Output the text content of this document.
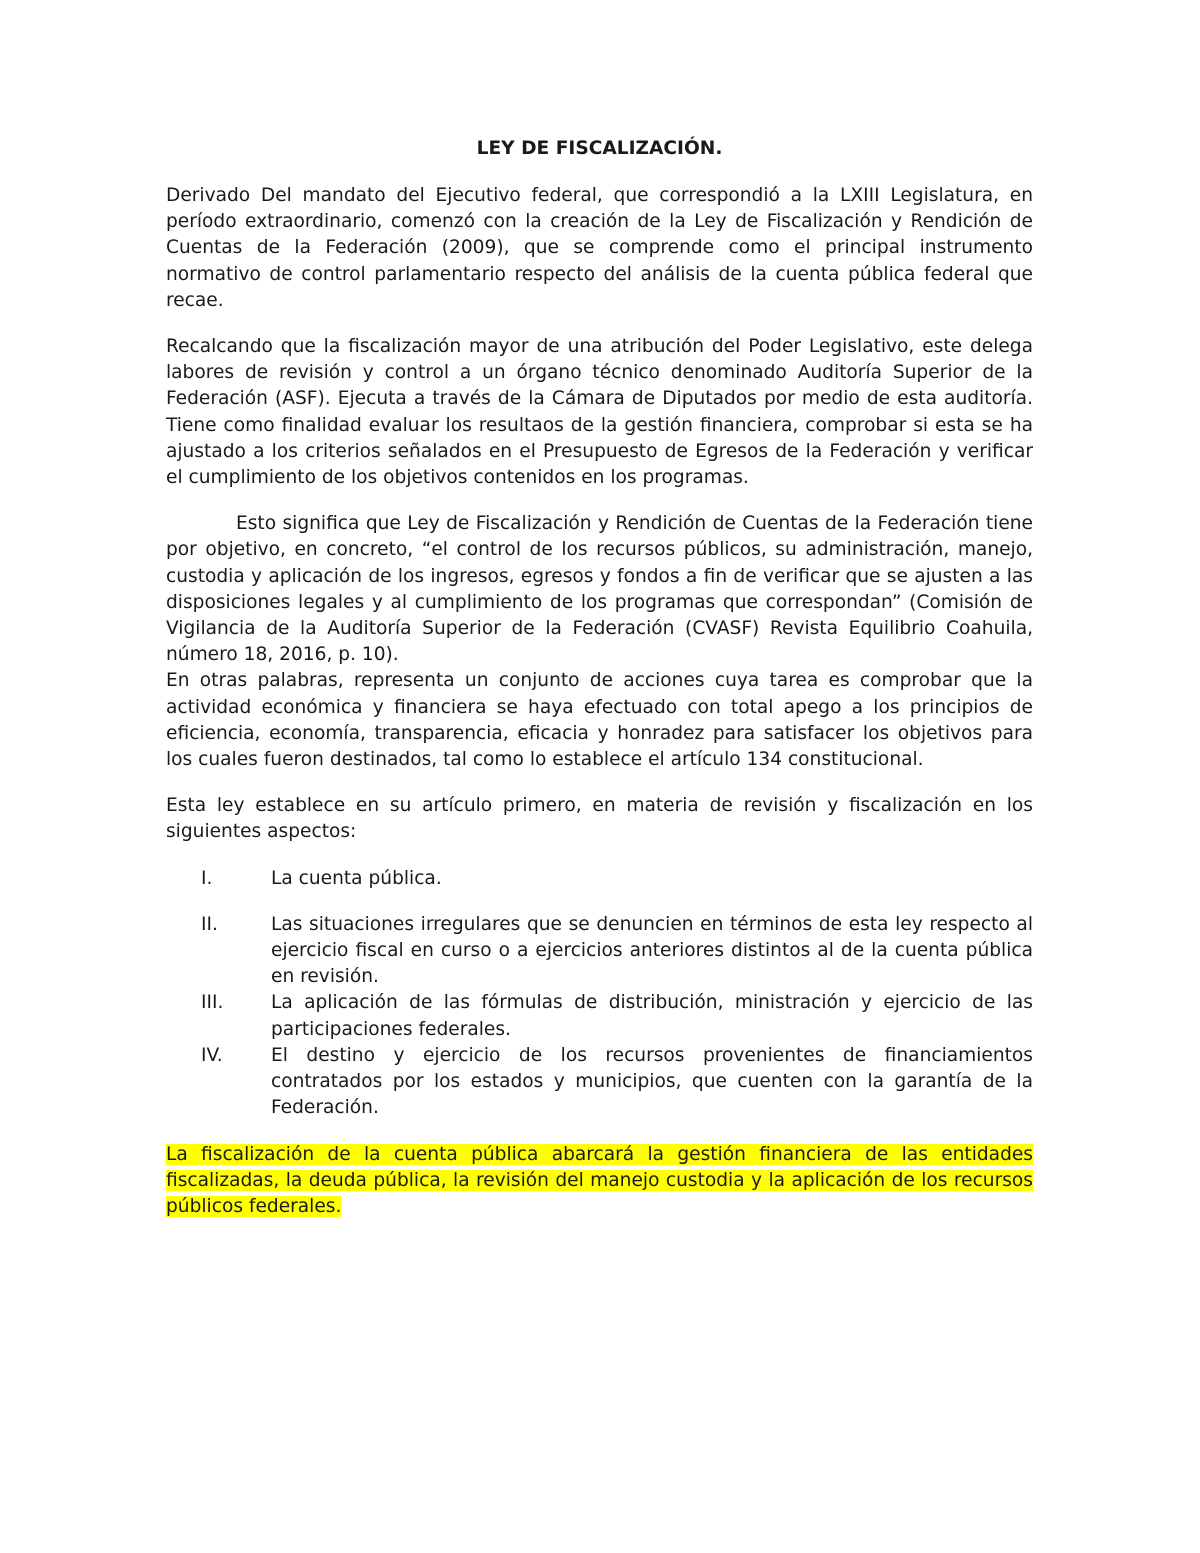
LEY DE FISCALIZACIÓN.

Derivado Del mandato del Ejecutivo federal, que correspondió a la LXIII Legislatura, en período extraordinario, comenzó con la creación de la Ley de Fiscalización y Rendición de Cuentas de la Federación (2009), que se comprende como el principal instrumento normativo de control parlamentario respecto del análisis de la cuenta pública federal que recae.

Recalcando que la fiscalización mayor de una atribución del Poder Legislativo, este delega labores de revisión y control a un órgano técnico denominado Auditoría Superior de la Federación (ASF). Ejecuta a través de la Cámara de Diputados por medio de esta auditoría. Tiene como finalidad evaluar los resultaos de la gestión financiera, comprobar si esta se ha ajustado a los criterios señalados en el Presupuesto de Egresos de la Federación y verificar el cumplimiento de los objetivos contenidos en los programas.

Esto significa que Ley de Fiscalización y Rendición de Cuentas de la Federación tiene por objetivo, en concreto, “el control de los recursos públicos, su administración, manejo, custodia y aplicación de los ingresos, egresos y fondos a fin de verificar que se ajusten a las disposiciones legales y al cumplimiento de los programas que correspondan” (Comisión de Vigilancia de la Auditoría Superior de la Federación (CVASF) Revista Equilibrio Coahuila, número 18, 2016, p. 10).

En otras palabras, representa un conjunto de acciones cuya tarea es comprobar que la actividad económica y financiera se haya efectuado con total apego a los principios de eficiencia, economía, transparencia, eficacia y honradez para satisfacer los objetivos para los cuales fueron destinados, tal como lo establece el artículo 134 constitucional.

Esta ley establece en su artículo primero, en materia de revisión y fiscalización en los siguientes aspectos:

I.	La cuenta pública.
II.	Las situaciones irregulares que se denuncien en términos de esta ley respecto al ejercicio fiscal en curso o a ejercicios anteriores distintos al de la cuenta pública en revisión.
III.	La aplicación de las fórmulas de distribución, ministración y ejercicio de las participaciones federales.
IV.	El destino y ejercicio de los recursos provenientes de financiamientos contratados por los estados y municipios, que cuenten con la garantía de la Federación.

La fiscalización de la cuenta pública abarcará la gestión financiera de las entidades fiscalizadas, la deuda pública, la revisión del manejo custodia y la aplicación de los recursos públicos federales.
